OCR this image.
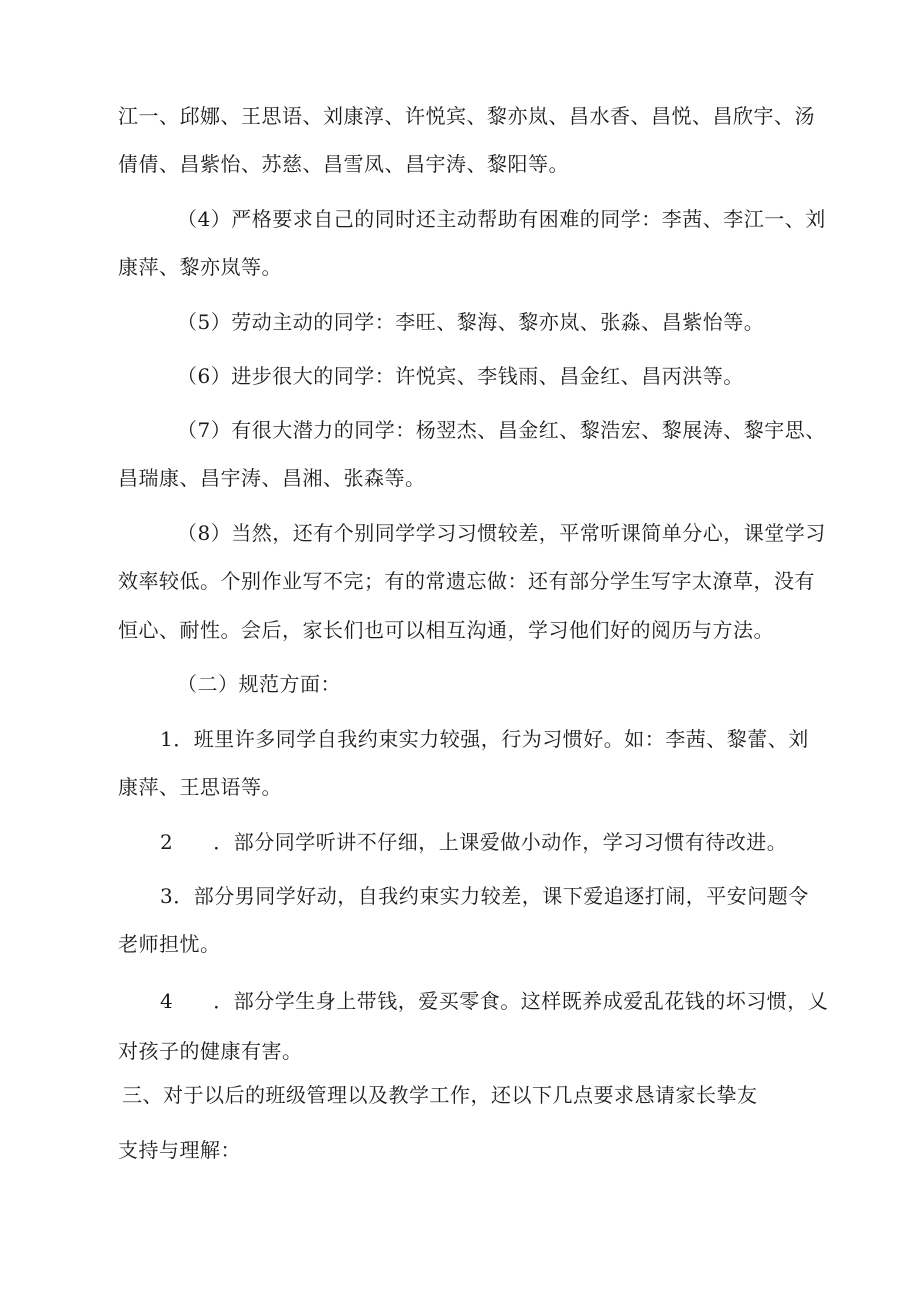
江一、邱娜、王思语、刘康淳、许悦宾、黎亦岚、昌水香、昌悦、昌欣宇、汤
倩倩、昌紫怡、苏慈、昌雪凤、昌宇涛、黎阳等。
（4）严格要求自己的同时还主动帮助有困难的同学：李茜、李江一、刘
康萍、黎亦岚等。
（5）劳动主动的同学：李旺、黎海、黎亦岚、张淼、昌紫怡等。
（6）进步很大的同学：许悦宾、李钱雨、昌金红、昌丙洪等。
（7）有很大潜力的同学：杨翌杰、昌金红、黎浩宏、黎展涛、黎宇思、
昌瑞康、昌宇涛、昌湘、张森等。
（8）当然，还有个别同学学习习惯较差，平常听课简单分心，课堂学习
效率较低。个别作业写不完；有的常遗忘做：还有部分学生写字太潦草，没有
恒心、耐性。会后，家长们也可以相互沟通，学习他们好的阅历与方法。
（二）规范方面：
1．班里许多同学自我约束实力较强，行为习惯好。如：李茜、黎蕾、刘
康萍、王思语等。
2 ．部分同学听讲不仔细，上课爱做小动作，学习习惯有待改进。
3．部分男同学好动，自我约束实力较差，课下爱追逐打闹，平安问题令
老师担忧。
4 ．部分学生身上带钱，爱买零食。这样既养成爱乱花钱的坏习惯，乂
对孩子的健康有害。
三、对于以后的班级管理以及教学工作，还以下几点要求恳请家长挚友
支持与理解：
